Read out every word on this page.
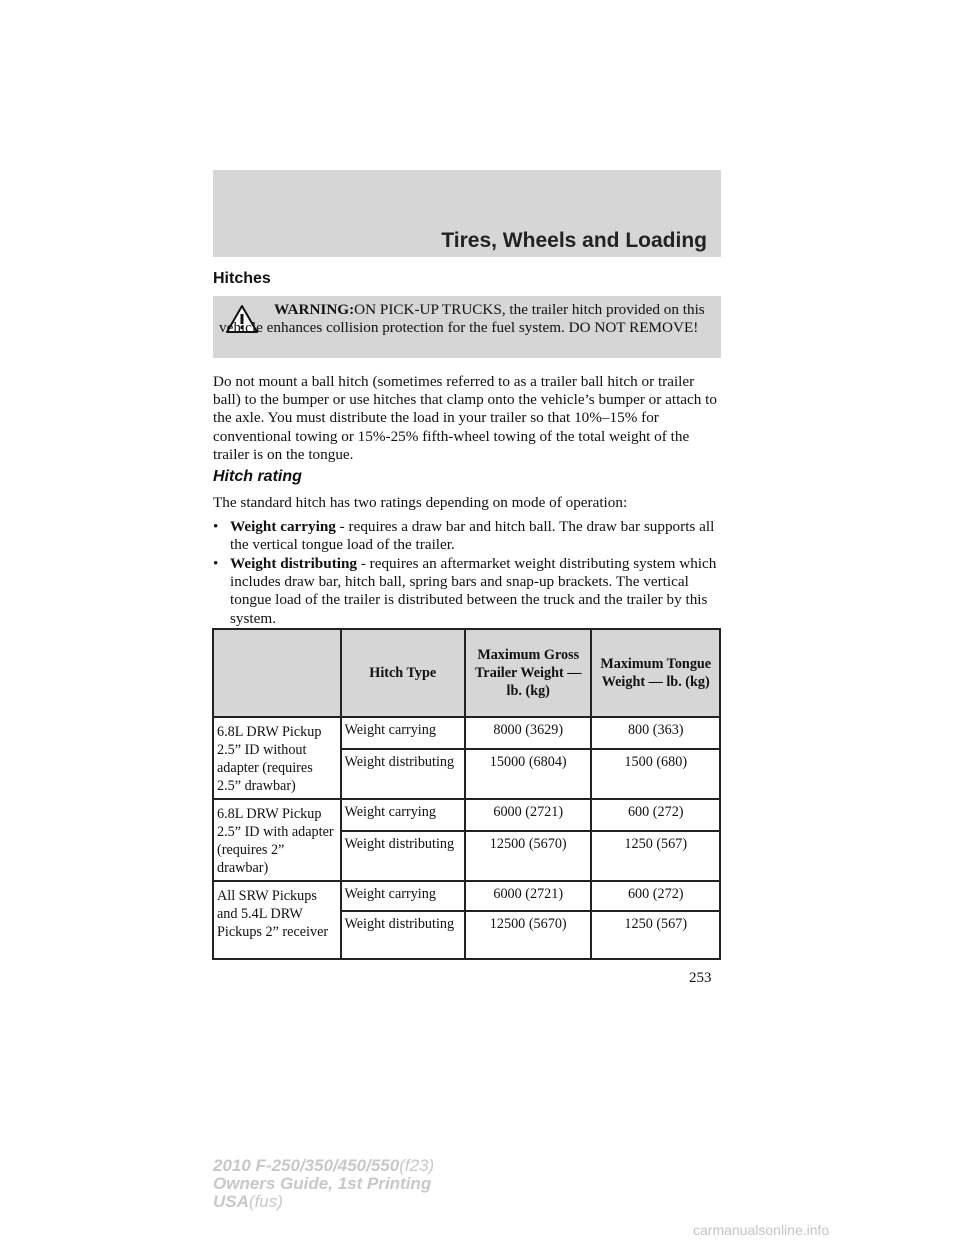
Tires, Wheels and Loading
Hitches
WARNING:ON PICK-UP TRUCKS, the trailer hitch provided on this vehicle enhances collision protection for the fuel system. DO NOT REMOVE!

Do not mount a ball hitch (sometimes referred to as a trailer ball hitch or trailer ball) to the bumper or use hitches that clamp onto the vehicle’s bumper or attach to the axle. You must distribute the load in your trailer so that 10%–15% for conventional towing or 15%-25% fifth-wheel towing of the total weight of the trailer is on the tongue.

Hitch rating

The standard hitch has two ratings depending on mode of operation:

• Weight carrying - requires a draw bar and hitch ball. The draw bar supports all the vertical tongue load of the trailer.
• Weight distributing - requires an aftermarket weight distributing system which includes draw bar, hitch ball, spring bars and snap-up brackets. The vertical tongue load of the trailer is distributed between the truck and the trailer by this system.
	Hitch Type	Maximum Gross Trailer Weight — lb. (kg)	Maximum Tongue Weight — lb. (kg)
6.8L DRW Pickup 2.5” ID without adapter (requires 2.5” drawbar)	Weight carrying	8000 (3629)	800 (363)
	Weight distributing	15000 (6804)	1500 (680)
6.8L DRW Pickup 2.5” ID with adapter (requires 2” drawbar)	Weight carrying	6000 (2721)	600 (272)
	Weight distributing	12500 (5670)	1250 (567)
All SRW Pickups and 5.4L DRW Pickups 2” receiver	Weight carrying	6000 (2721)	600 (272)
	Weight distributing	12500 (5670)	1250 (567)
253
2010 F-250/350/450/550(f23)
Owners Guide, 1st Printing
USA(fus)
carmanualsonline.info
